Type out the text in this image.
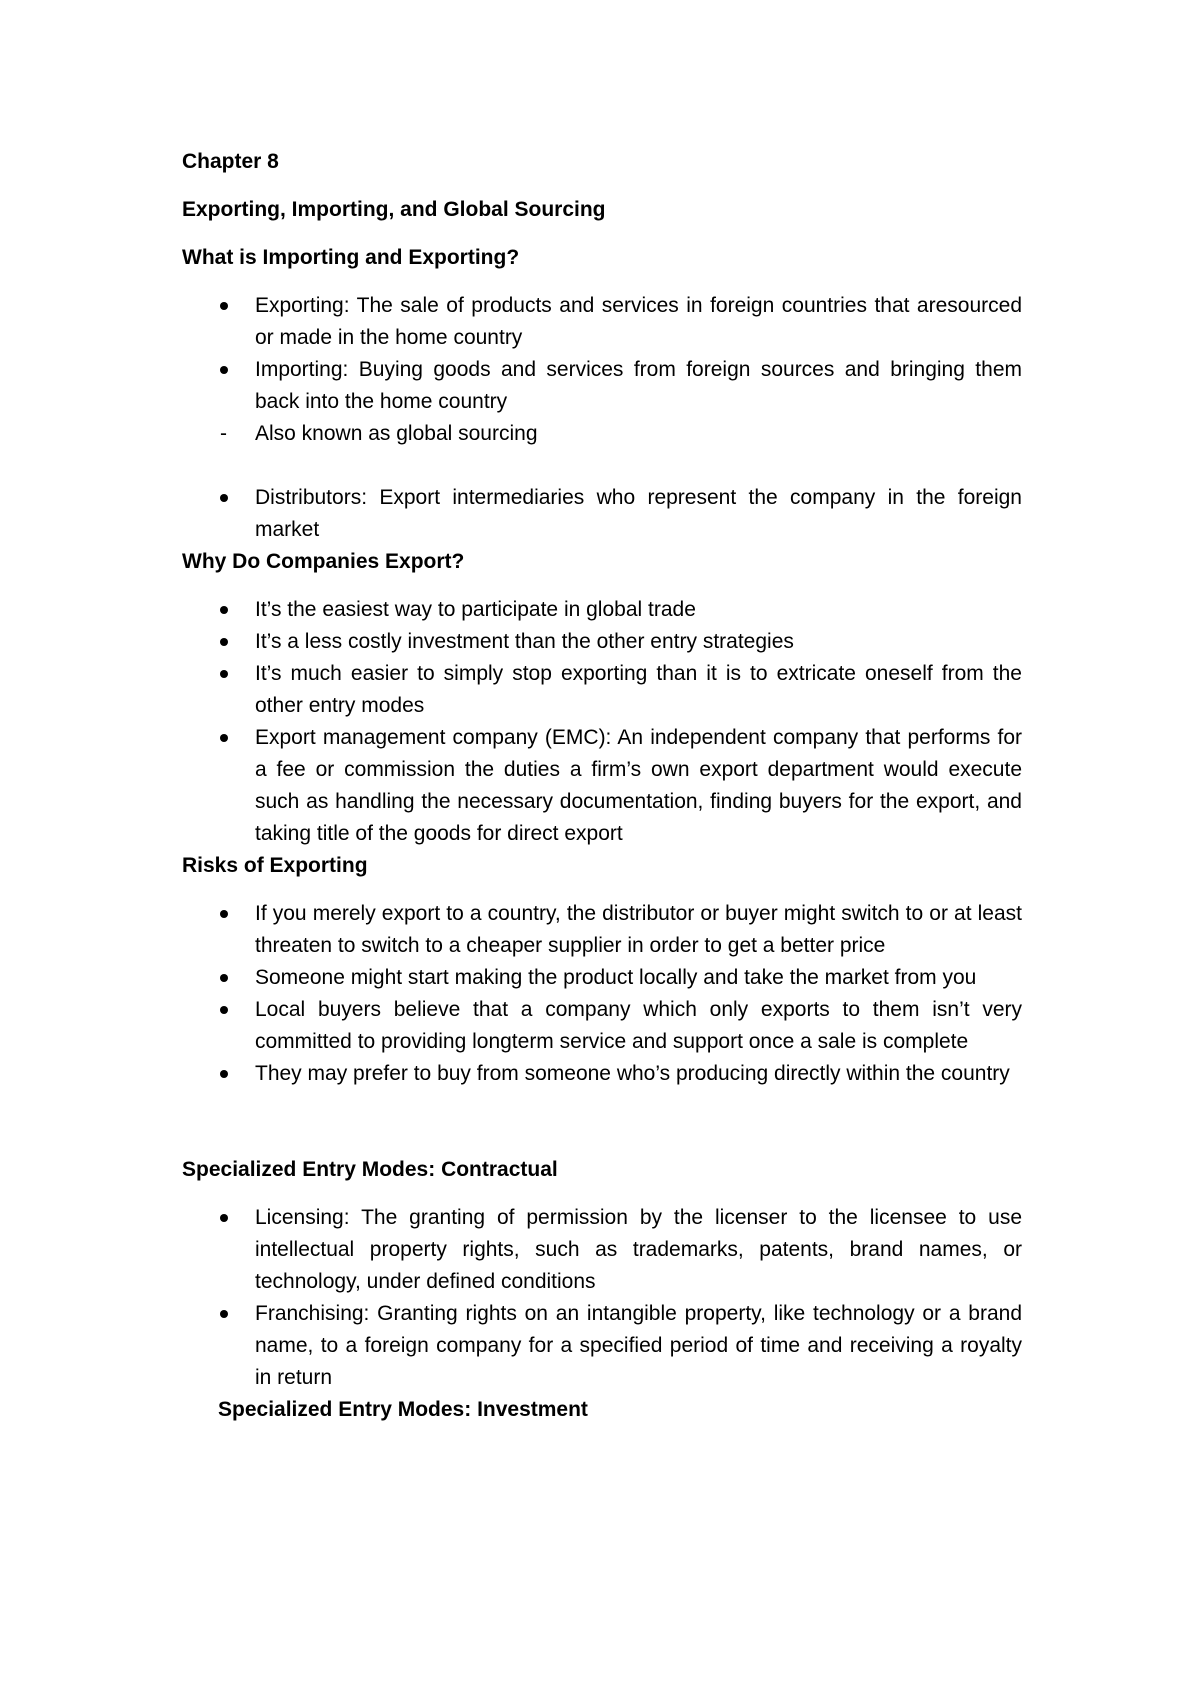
Chapter 8
Exporting, Importing, and Global Sourcing
What is Importing and Exporting?
Exporting: The sale of products and services in foreign countries that aresourced or made in the home country
Importing: Buying goods and services from foreign sources and bringing them back into the home country
-	Also known as global sourcing
Distributors: Export intermediaries who represent the company in the foreign market
Why Do Companies Export?
It’s the easiest way to participate in global trade
It’s a less costly investment than the other entry strategies
It’s much easier to simply stop exporting than it is to extricate oneself from the other entry modes
Export management company (EMC): An independent company that performs for a fee or commission the duties a firm’s own export department would execute such as handling the necessary documentation, finding buyers for the export, and taking title of the goods for direct export
Risks of Exporting
If you merely export to a country, the distributor or buyer might switch to or at least threaten to switch to a cheaper supplier in order to get a better price
Someone might start making the product locally and take the market from you
Local buyers believe that a company which only exports to them isn’t very committed to providing longterm service and support once a sale is complete
They may prefer to buy from someone who’s producing directly within the country
Specialized Entry Modes: Contractual
Licensing: The granting of permission by the licenser to the licensee to use intellectual property rights, such as trademarks, patents, brand names, or technology, under defined conditions
Franchising: Granting rights on an intangible property, like technology or a brand name, to a foreign company for a specified period of time and receiving a royalty in return
Specialized Entry Modes: Investment
